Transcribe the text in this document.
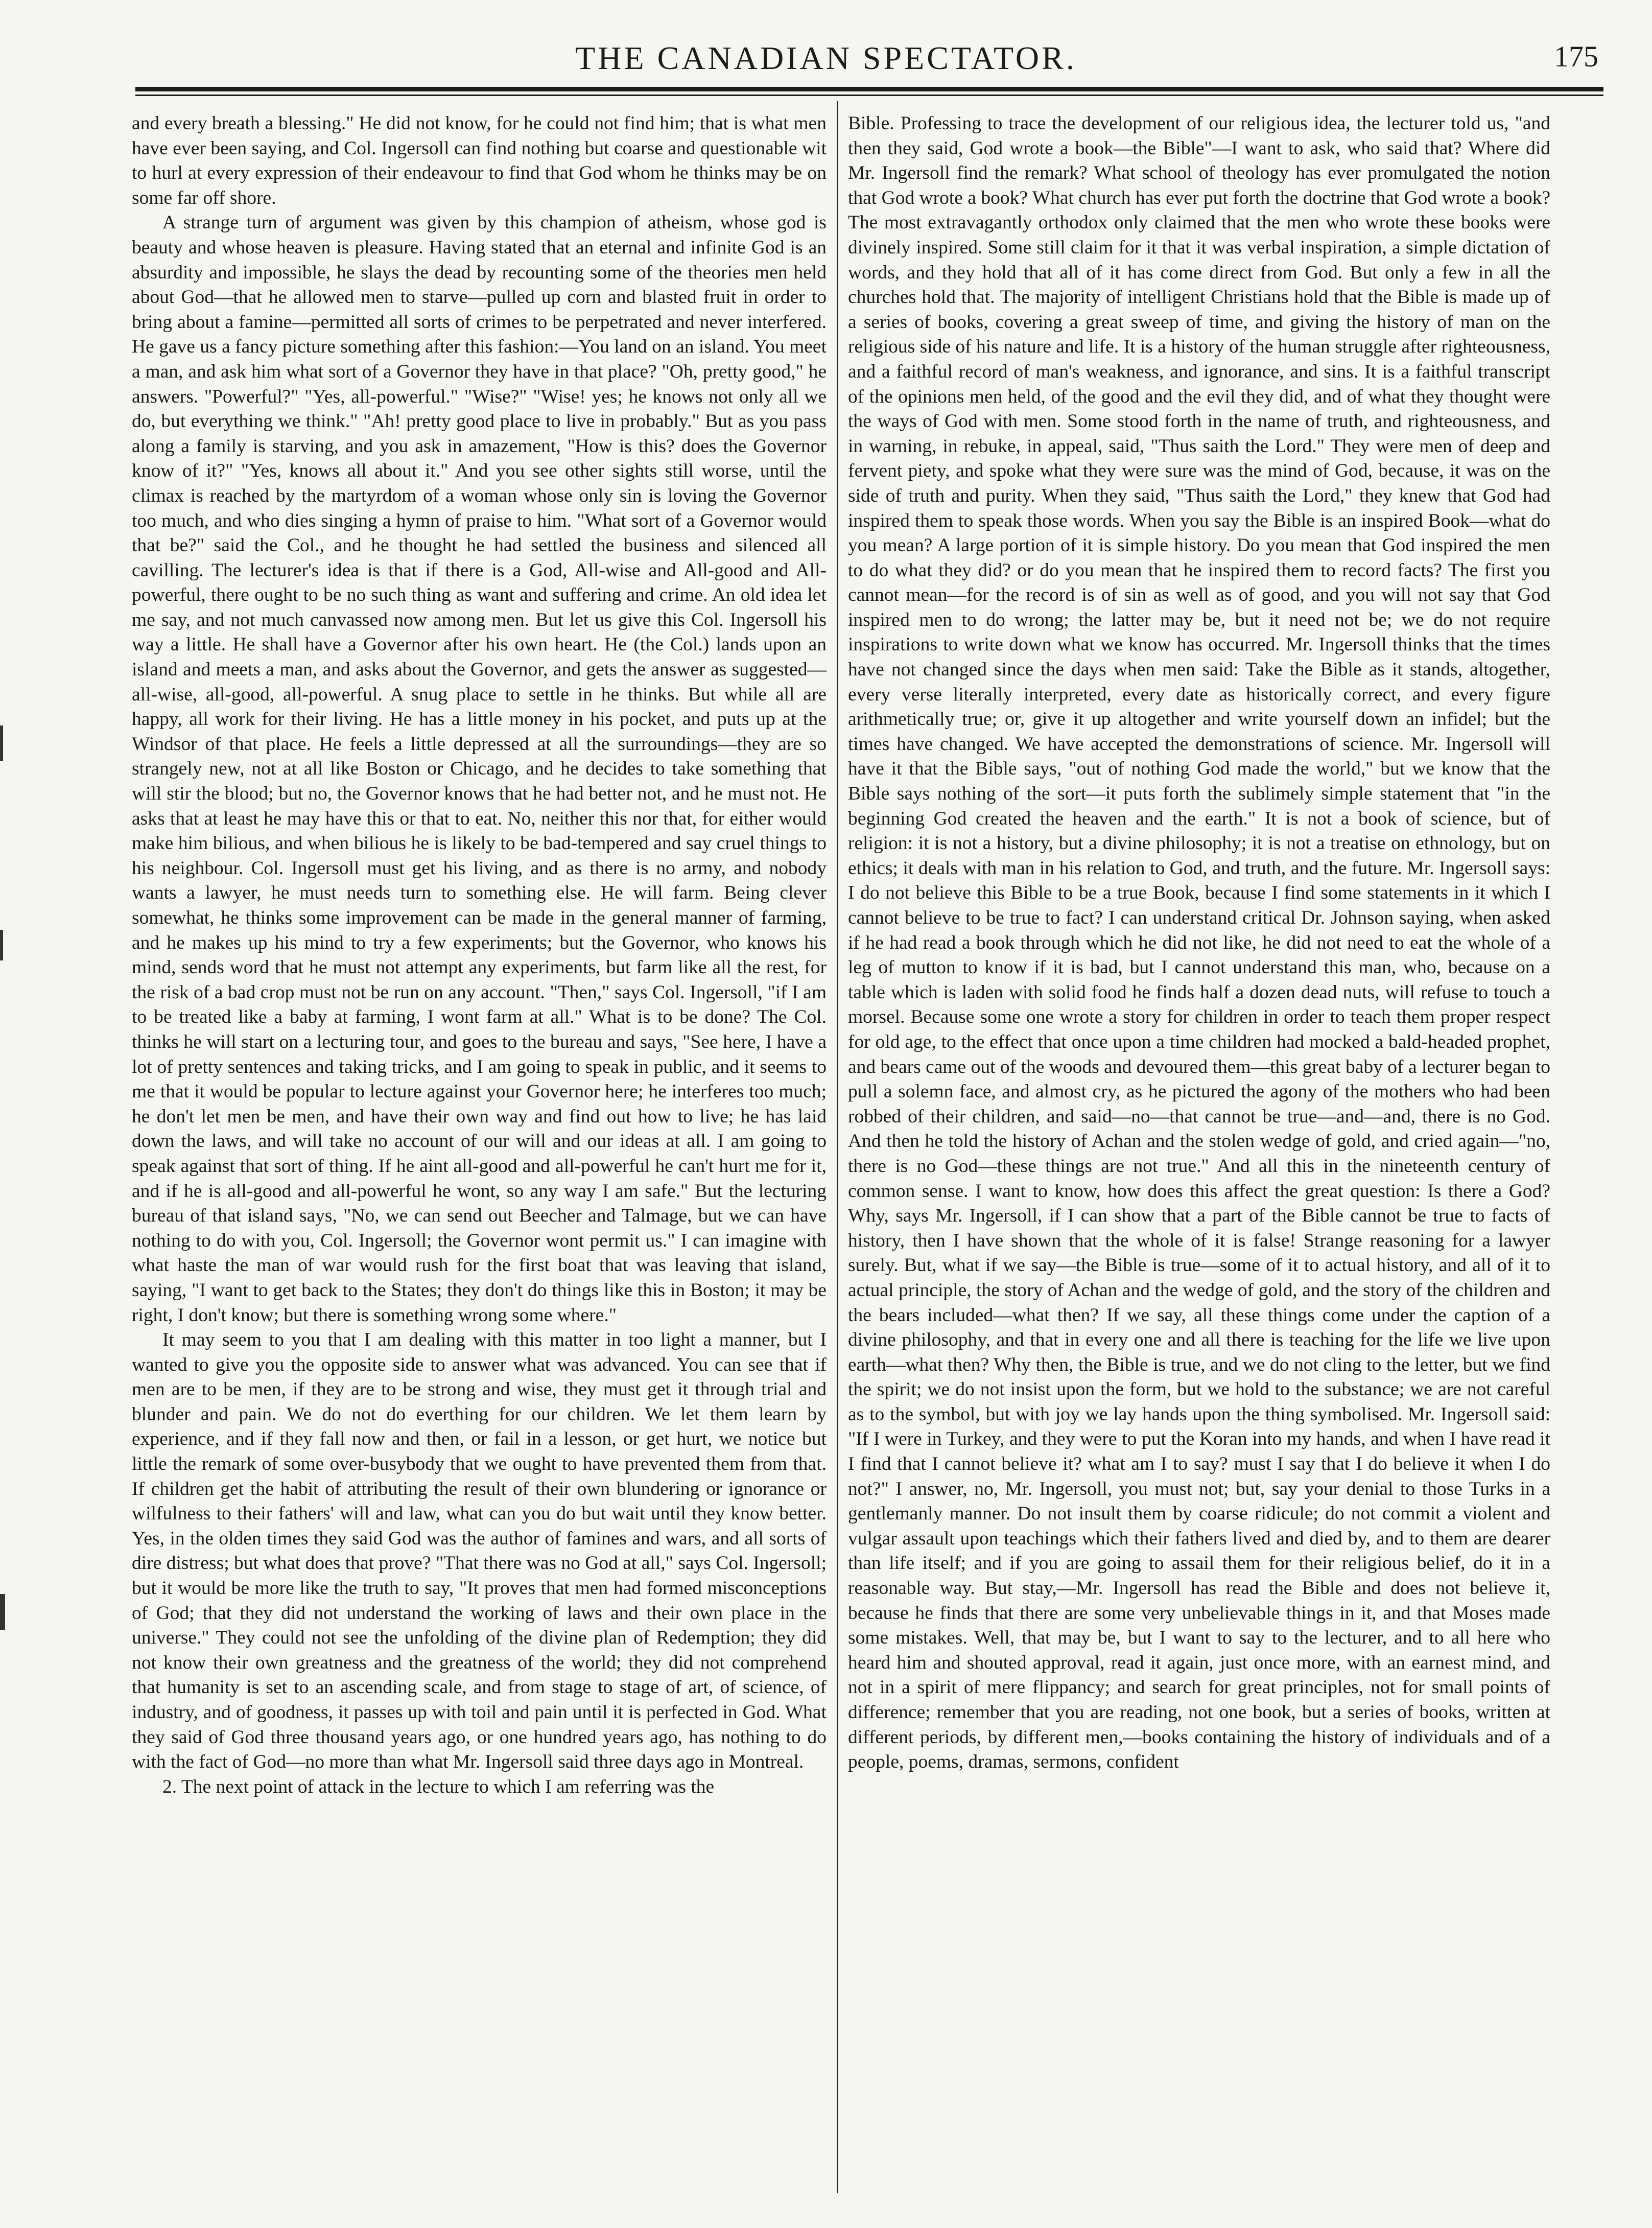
THE CANADIAN SPECTATOR.	175

and every breath a blessing." He did not know, for he could not find him; that is what men have ever been saying, and Col. Ingersoll can find nothing but coarse and questionable wit to hurl at every expression of their endeavour to find that God whom he thinks may be on some far off shore.

A strange turn of argument was given by this champion of atheism, whose god is beauty and whose heaven is pleasure. Having stated that an eternal and infinite God is an absurdity and impossible, he slays the dead by recounting some of the theories men held about God—that he allowed men to starve—pulled up corn and blasted fruit in order to bring about a famine—permitted all sorts of crimes to be perpetrated and never interfered. He gave us a fancy picture something after this fashion:—You land on an island. You meet a man, and ask him what sort of a Governor they have in that place? "Oh, pretty good," he answers. "Powerful?" "Yes, all-powerful." "Wise?" "Wise! yes; he knows not only all we do, but everything we think." "Ah! pretty good place to live in probably." But as you pass along a family is starving, and you ask in amazement, "How is this? does the Governor know of it?" "Yes, knows all about it." And you see other sights still worse, until the climax is reached by the martyrdom of a woman whose only sin is loving the Governor too much, and who dies singing a hymn of praise to him. "What sort of a Governor would that be?" said the Col., and he thought he had settled the business and silenced all cavilling. The lecturer's idea is that if there is a God, All-wise and All-good and All-powerful, there ought to be no such thing as want and suffering and crime. An old idea let me say, and not much canvassed now among men. But let us give this Col. Ingersoll his way a little. He shall have a Governor after his own heart. He (the Col.) lands upon an island and meets a man, and asks about the Governor, and gets the answer as suggested—all-wise, all-good, all-powerful. A snug place to settle in he thinks. But while all are happy, all work for their living. He has a little money in his pocket, and puts up at the Windsor of that place. He feels a little depressed at all the surroundings—they are so strangely new, not at all like Boston or Chicago, and he decides to take something that will stir the blood; but no, the Governor knows that he had better not, and he must not. He asks that at least he may have this or that to eat. No, neither this nor that, for either would make him bilious, and when bilious he is likely to be bad-tempered and say cruel things to his neighbour. Col. Ingersoll must get his living, and as there is no army, and nobody wants a lawyer, he must needs turn to something else. He will farm. Being clever somewhat, he thinks some improvement can be made in the general manner of farming, and he makes up his mind to try a few experiments; but the Governor, who knows his mind, sends word that he must not attempt any experiments, but farm like all the rest, for the risk of a bad crop must not be run on any account. "Then," says Col. Ingersoll, "if I am to be treated like a baby at farming, I wont farm at all." What is to be done? The Col. thinks he will start on a lecturing tour, and goes to the bureau and says, "See here, I have a lot of pretty sentences and taking tricks, and I am going to speak in public, and it seems to me that it would be popular to lecture against your Governor here; he interferes too much; he don't let men be men, and have their own way and find out how to live; he has laid down the laws, and will take no account of our will and our ideas at all. I am going to speak against that sort of thing. If he aint all-good and all-powerful he can't hurt me for it, and if he is all-good and all-powerful he wont, so any way I am safe." But the lecturing bureau of that island says, "No, we can send out Beecher and Talmage, but we can have nothing to do with you, Col. Ingersoll; the Governor wont permit us." I can imagine with what haste the man of war would rush for the first boat that was leaving that island, saying, "I want to get back to the States; they don't do things like this in Boston; it may be right, I don't know; but there is something wrong some where."

It may seem to you that I am dealing with this matter in too light a manner, but I wanted to give you the opposite side to answer what was advanced. You can see that if men are to be men, if they are to be strong and wise, they must get it through trial and blunder and pain. We do not do everthing for our children. We let them learn by experience, and if they fall now and then, or fail in a lesson, or get hurt, we notice but little the remark of some over-busybody that we ought to have prevented them from that. If children get the habit of attributing the result of their own blundering or ignorance or wilfulness to their fathers' will and law, what can you do but wait until they know better. Yes, in the olden times they said God was the author of famines and wars, and all sorts of dire distress; but what does that prove? "That there was no God at all," says Col. Ingersoll; but it would be more like the truth to say, "It proves that men had formed misconceptions of God; that they did not understand the working of laws and their own place in the universe." They could not see the unfolding of the divine plan of Redemption; they did not know their own greatness and the greatness of the world; they did not comprehend that humanity is set to an ascending scale, and from stage to stage of art, of science, of industry, and of goodness, it passes up with toil and pain until it is perfected in God. What they said of God three thousand years ago, or one hundred years ago, has nothing to do with the fact of God—no more than what Mr. Ingersoll said three days ago in Montreal.

2. The next point of attack in the lecture to which I am referring was the

Bible. Professing to trace the development of our religious idea, the lecturer told us, "and then they said, God wrote a book—the Bible"—I want to ask, who said that? Where did Mr. Ingersoll find the remark? What school of theology has ever promulgated the notion that God wrote a book? What church has ever put forth the doctrine that God wrote a book? The most extravagantly orthodox only claimed that the men who wrote these books were divinely inspired. Some still claim for it that it was verbal inspiration, a simple dictation of words, and they hold that all of it has come direct from God. But only a few in all the churches hold that. The majority of intelligent Christians hold that the Bible is made up of a series of books, covering a great sweep of time, and giving the history of man on the religious side of his nature and life. It is a history of the human struggle after righteousness, and a faithful record of man's weakness, and ignorance, and sins. It is a faithful transcript of the opinions men held, of the good and the evil they did, and of what they thought were the ways of God with men. Some stood forth in the name of truth, and righteousness, and in warning, in rebuke, in appeal, said, "Thus saith the Lord." They were men of deep and fervent piety, and spoke what they were sure was the mind of God, because, it was on the side of truth and purity. When they said, "Thus saith the Lord," they knew that God had inspired them to speak those words. When you say the Bible is an inspired Book—what do you mean? A large portion of it is simple history. Do you mean that God inspired the men to do what they did? or do you mean that he inspired them to record facts? The first you cannot mean—for the record is of sin as well as of good, and you will not say that God inspired men to do wrong; the latter may be, but it need not be; we do not require inspirations to write down what we know has occurred. Mr. Ingersoll thinks that the times have not changed since the days when men said: Take the Bible as it stands, altogether, every verse literally interpreted, every date as historically correct, and every figure arithmetically true; or, give it up altogether and write yourself down an infidel; but the times have changed. We have accepted the demonstrations of science. Mr. Ingersoll will have it that the Bible says, "out of nothing God made the world," but we know that the Bible says nothing of the sort—it puts forth the sublimely simple statement that "in the beginning God created the heaven and the earth." It is not a book of science, but of religion: it is not a history, but a divine philosophy; it is not a treatise on ethnology, but on ethics; it deals with man in his relation to God, and truth, and the future. Mr. Ingersoll says: I do not believe this Bible to be a true Book, because I find some statements in it which I cannot believe to be true to fact? I can understand critical Dr. Johnson saying, when asked if he had read a book through which he did not like, he did not need to eat the whole of a leg of mutton to know if it is bad, but I cannot understand this man, who, because on a table which is laden with solid food he finds half a dozen dead nuts, will refuse to touch a morsel. Because some one wrote a story for children in order to teach them proper respect for old age, to the effect that once upon a time children had mocked a bald-headed prophet, and bears came out of the woods and devoured them—this great baby of a lecturer began to pull a solemn face, and almost cry, as he pictured the agony of the mothers who had been robbed of their children, and said—no—that cannot be true—and—and, there is no God. And then he told the history of Achan and the stolen wedge of gold, and cried again—"no, there is no God—these things are not true." And all this in the nineteenth century of common sense. I want to know, how does this affect the great question: Is there a God? Why, says Mr. Ingersoll, if I can show that a part of the Bible cannot be true to facts of history, then I have shown that the whole of it is false! Strange reasoning for a lawyer surely. But, what if we say—the Bible is true—some of it to actual history, and all of it to actual principle, the story of Achan and the wedge of gold, and the story of the children and the bears included—what then? If we say, all these things come under the caption of a divine philosophy, and that in every one and all there is teaching for the life we live upon earth—what then? Why then, the Bible is true, and we do not cling to the letter, but we find the spirit; we do not insist upon the form, but we hold to the substance; we are not careful as to the symbol, but with joy we lay hands upon the thing symbolised. Mr. Ingersoll said: "If I were in Turkey, and they were to put the Koran into my hands, and when I have read it I find that I cannot believe it? what am I to say? must I say that I do believe it when I do not?" I answer, no, Mr. Ingersoll, you must not; but, say your denial to those Turks in a gentlemanly manner. Do not insult them by coarse ridicule; do not commit a violent and vulgar assault upon teachings which their fathers lived and died by, and to them are dearer than life itself; and if you are going to assail them for their religious belief, do it in a reasonable way. But stay,—Mr. Ingersoll has read the Bible and does not believe it, because he finds that there are some very unbelievable things in it, and that Moses made some mistakes. Well, that may be, but I want to say to the lecturer, and to all here who heard him and shouted approval, read it again, just once more, with an earnest mind, and not in a spirit of mere flippancy; and search for great principles, not for small points of difference; remember that you are reading, not one book, but a series of books, written at different periods, by different men,—books containing the history of individuals and of a people, poems, dramas, sermons, confident
